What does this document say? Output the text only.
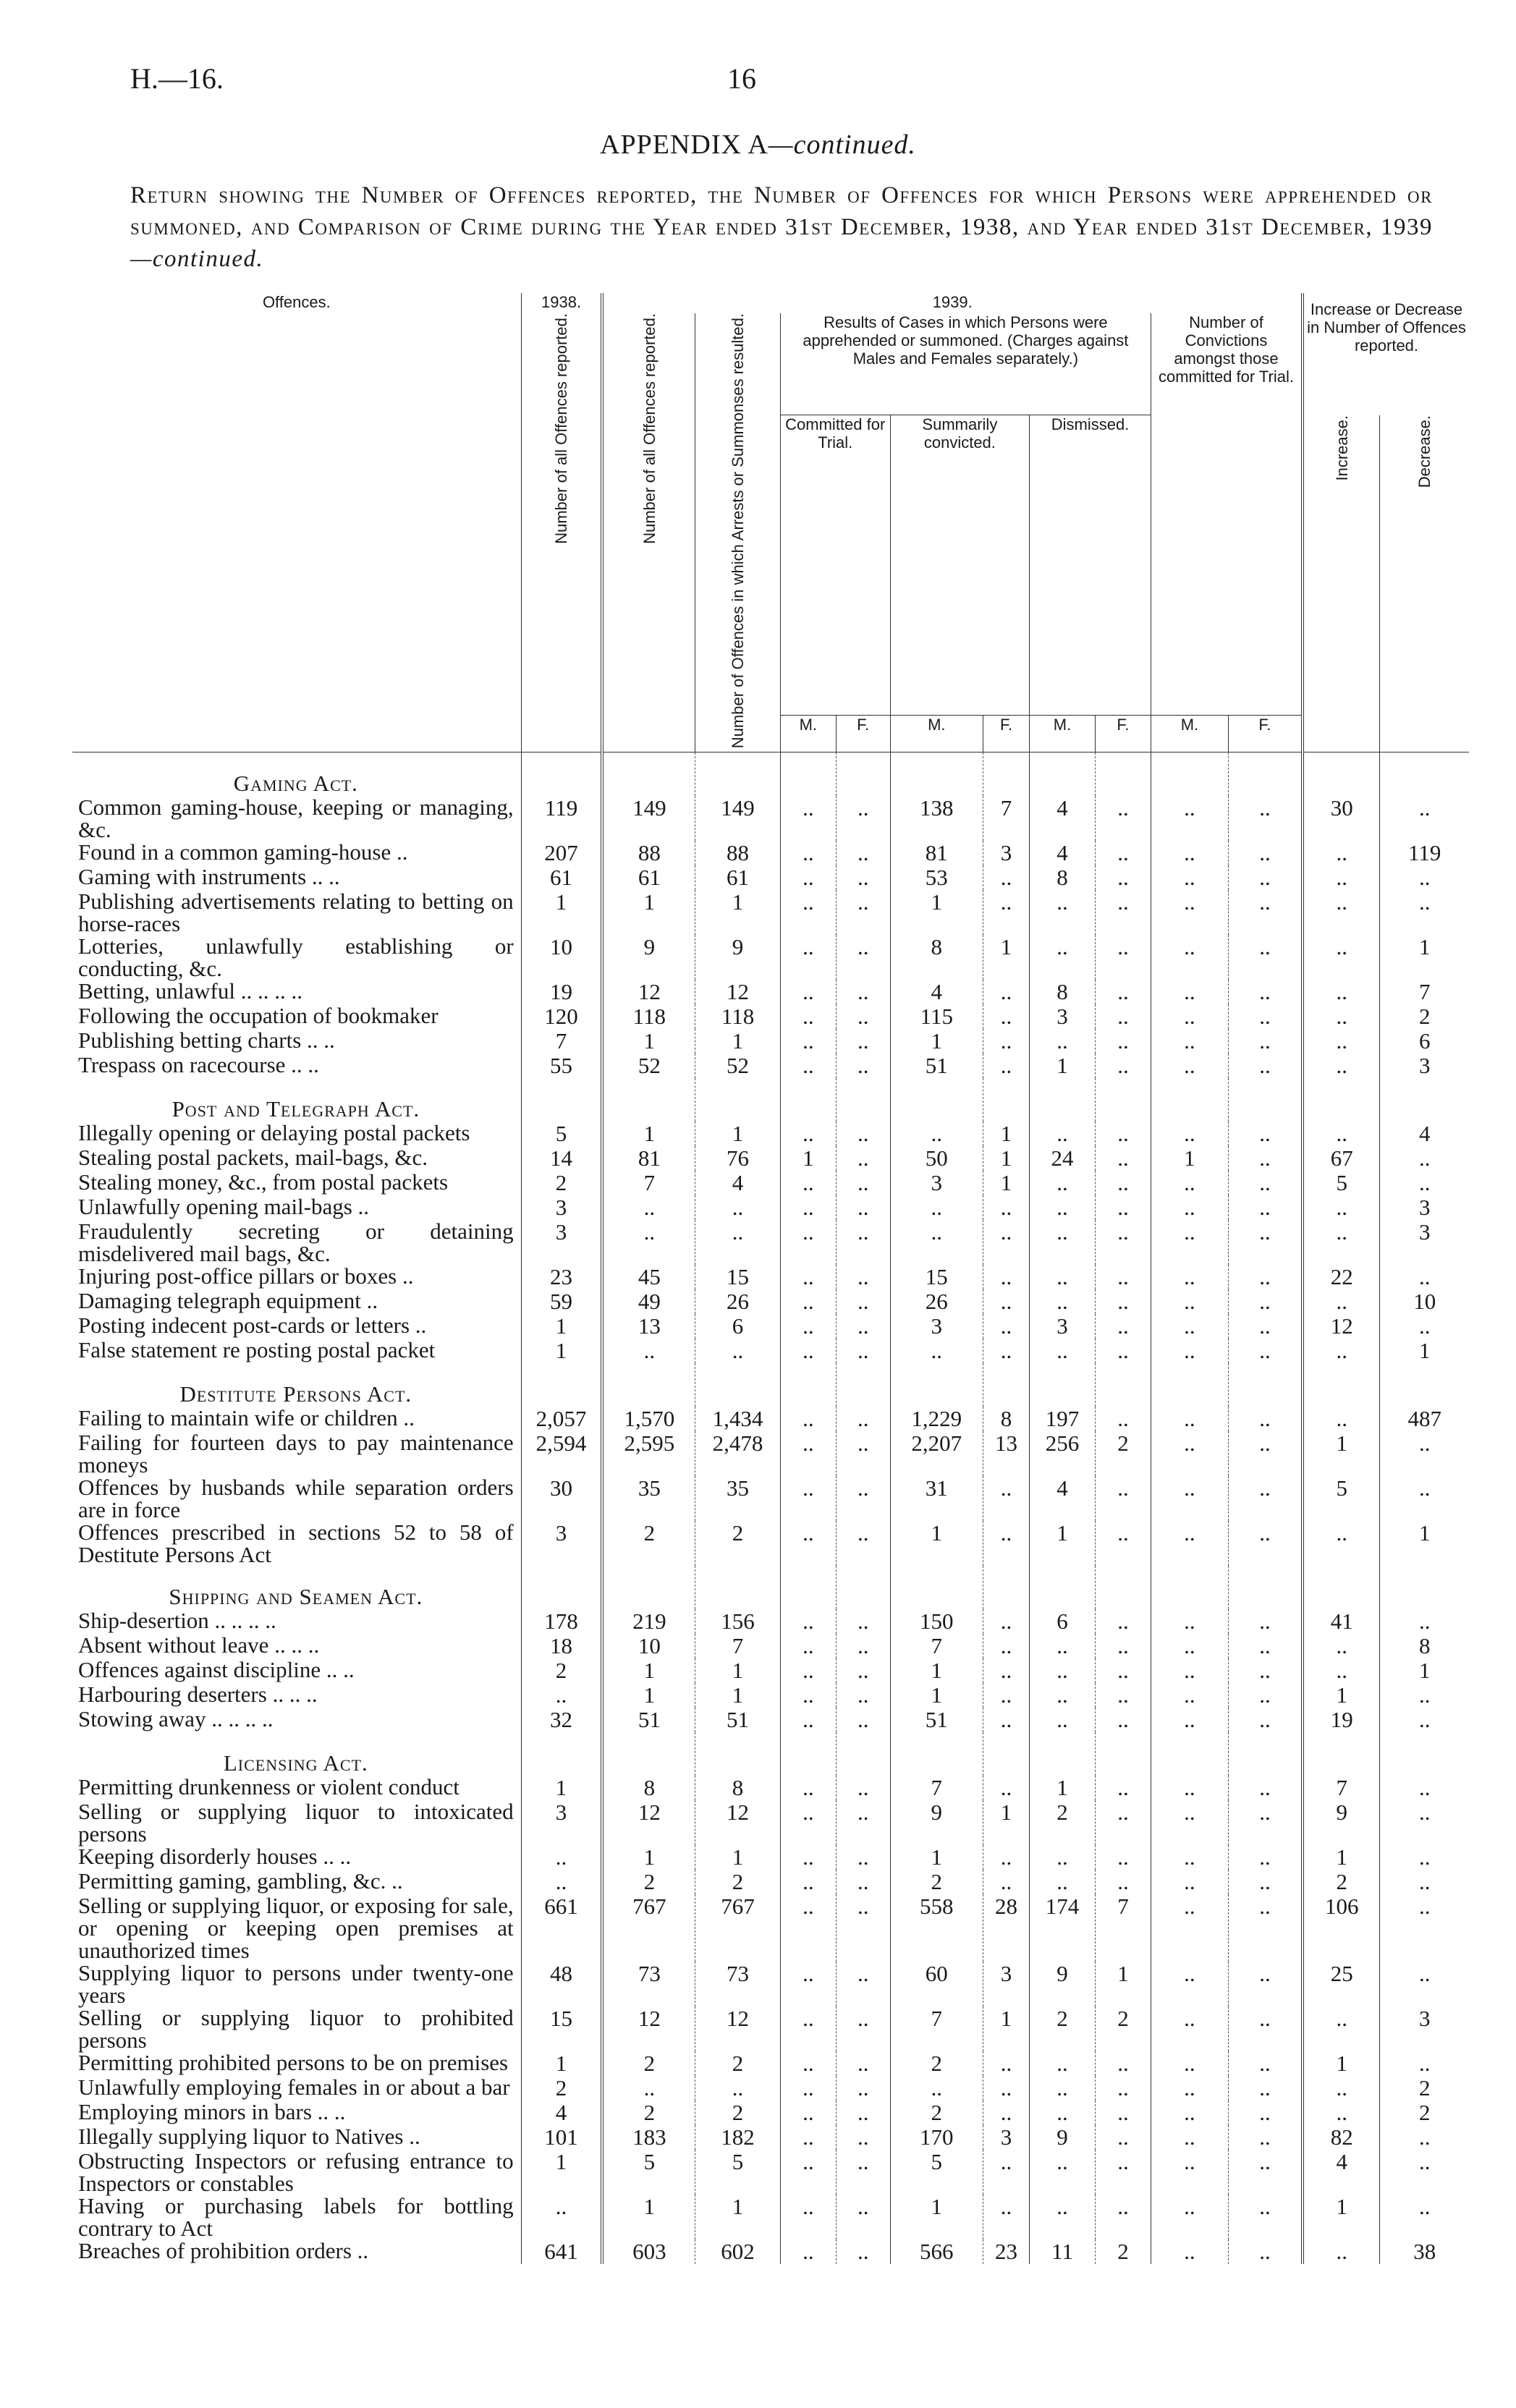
H.—16.	16
APPENDIX A—continued.
Return showing the Number of Offences reported, the Number of Offences for which Persons were apprehended or summoned, and Comparison of Crime during the Year ended 31st December, 1938, and Year ended 31st December, 1939—continued.
Offences.	1938.	1939.										Increase or Decrease in Number of Offences reported.	
	Number of all Offences reported.	Number of all Offences reported.	Number of Offences in which Arrests or Summonses resulted.	Results of Cases in which Persons were apprehended or summoned. (Charges against Males and Females separately.)						Number of Convictions amongst those committed for Trial.			
				Committed for Trial.		Summarily convicted.		Dismissed.				Increase.	Decrease.
				M.	F.	M.	F.	M.	F.	M.	F.		
Gaming Act.													
Common gaming-house, keeping or managing, &c.	119	149	149	..	..	138	7	4	..	..	..	30	..
Found in a common gaming-house ..	207	88	88	..	..	81	3	4	..	..	..	..	119
Gaming with instruments .. ..	61	61	61	..	..	53	..	8	..	..	..	..	..
Publishing advertisements relating to betting on horse-races	1	1	1	..	..	1	..	..	..	..	..	..	..
Lotteries, unlawfully establishing or conducting, &c.	10	9	9	..	..	8	1	..	..	..	..	..	1
Betting, unlawful .. .. .. ..	19	12	12	..	..	4	..	8	..	..	..	..	7
Following the occupation of bookmaker	120	118	118	..	..	115	..	3	..	..	..	..	2
Publishing betting charts .. ..	7	1	1	..	..	1	..	..	..	..	..	..	6
Trespass on racecourse .. ..	55	52	52	..	..	51	..	1	..	..	..	..	3
Post and Telegraph Act.													
Illegally opening or delaying postal packets	5	1	1	..	..	..	1	..	..	..	..	..	4
Stealing postal packets, mail-bags, &c.	14	81	76	1	..	50	1	24	..	1	..	67	..
Stealing money, &c., from postal packets	2	7	4	..	..	3	1	..	..	..	..	5	..
Unlawfully opening mail-bags ..	3	..	..	..	..	..	..	..	..	..	..	..	3
Fraudulently secreting or detaining misdelivered mail bags, &c.	3	..	..	..	..	..	..	..	..	..	..	..	3
Injuring post-office pillars or boxes ..	23	45	15	..	..	15	..	..	..	..	..	22	..
Damaging telegraph equipment ..	59	49	26	..	..	26	..	..	..	..	..	..	10
Posting indecent post-cards or letters ..	1	13	6	..	..	3	..	3	..	..	..	12	..
False statement re posting postal packet	1	..	..	..	..	..	..	..	..	..	..	..	1
Destitute Persons Act.													
Failing to maintain wife or children ..	2,057	1,570	1,434	..	..	1,229	8	197	..	..	..	..	487
Failing for fourteen days to pay maintenance moneys	2,594	2,595	2,478	..	..	2,207	13	256	2	..	..	1	..
Offences by husbands while separation orders are in force	30	35	35	..	..	31	..	4	..	..	..	5	..
Offences prescribed in sections 52 to 58 of Destitute Persons Act	3	2	2	..	..	1	..	1	..	..	..	..	1
Shipping and Seamen Act.													
Ship-desertion .. .. .. ..	178	219	156	..	..	150	..	6	..	..	..	41	..
Absent without leave .. .. ..	18	10	7	..	..	7	..	..	..	..	..	..	8
Offences against discipline .. ..	2	1	1	..	..	1	..	..	..	..	..	..	1
Harbouring deserters .. .. ..	..	1	1	..	..	1	..	..	..	..	..	1	..
Stowing away .. .. .. ..	32	51	51	..	..	51	..	..	..	..	..	19	..
Licensing Act.													
Permitting drunkenness or violent conduct	1	8	8	..	..	7	..	1	..	..	..	7	..
Selling or supplying liquor to intoxicated persons	3	12	12	..	..	9	1	2	..	..	..	9	..
Keeping disorderly houses .. ..	..	1	1	..	..	1	..	..	..	..	..	1	..
Permitting gaming, gambling, &c. ..	..	2	2	..	..	2	..	..	..	..	..	2	..
Selling or supplying liquor, or exposing for sale, or opening or keeping open premises at unauthorized times	661	767	767	..	..	558	28	174	7	..	..	106	..
Supplying liquor to persons under twenty-one years	48	73	73	..	..	60	3	9	1	..	..	25	..
Selling or supplying liquor to prohibited persons	15	12	12	..	..	7	1	2	2	..	..	..	3
Permitting prohibited persons to be on premises	1	2	2	..	..	2	..	..	..	..	..	1	..
Unlawfully employing females in or about a bar	2	..	..	..	..	..	..	..	..	..	..	..	2
Employing minors in bars .. ..	4	2	2	..	..	2	..	..	..	..	..	..	2
Illegally supplying liquor to Natives ..	101	183	182	..	..	170	3	9	..	..	..	82	..
Obstructing Inspectors or refusing entrance to Inspectors or constables	1	5	5	..	..	5	..	..	..	..	..	4	..
Having or purchasing labels for bottling contrary to Act	..	1	1	..	..	1	..	..	..	..	..	1	..
Breaches of prohibition orders ..	641	603	602	..	..	566	23	11	2	..	..	..	38
